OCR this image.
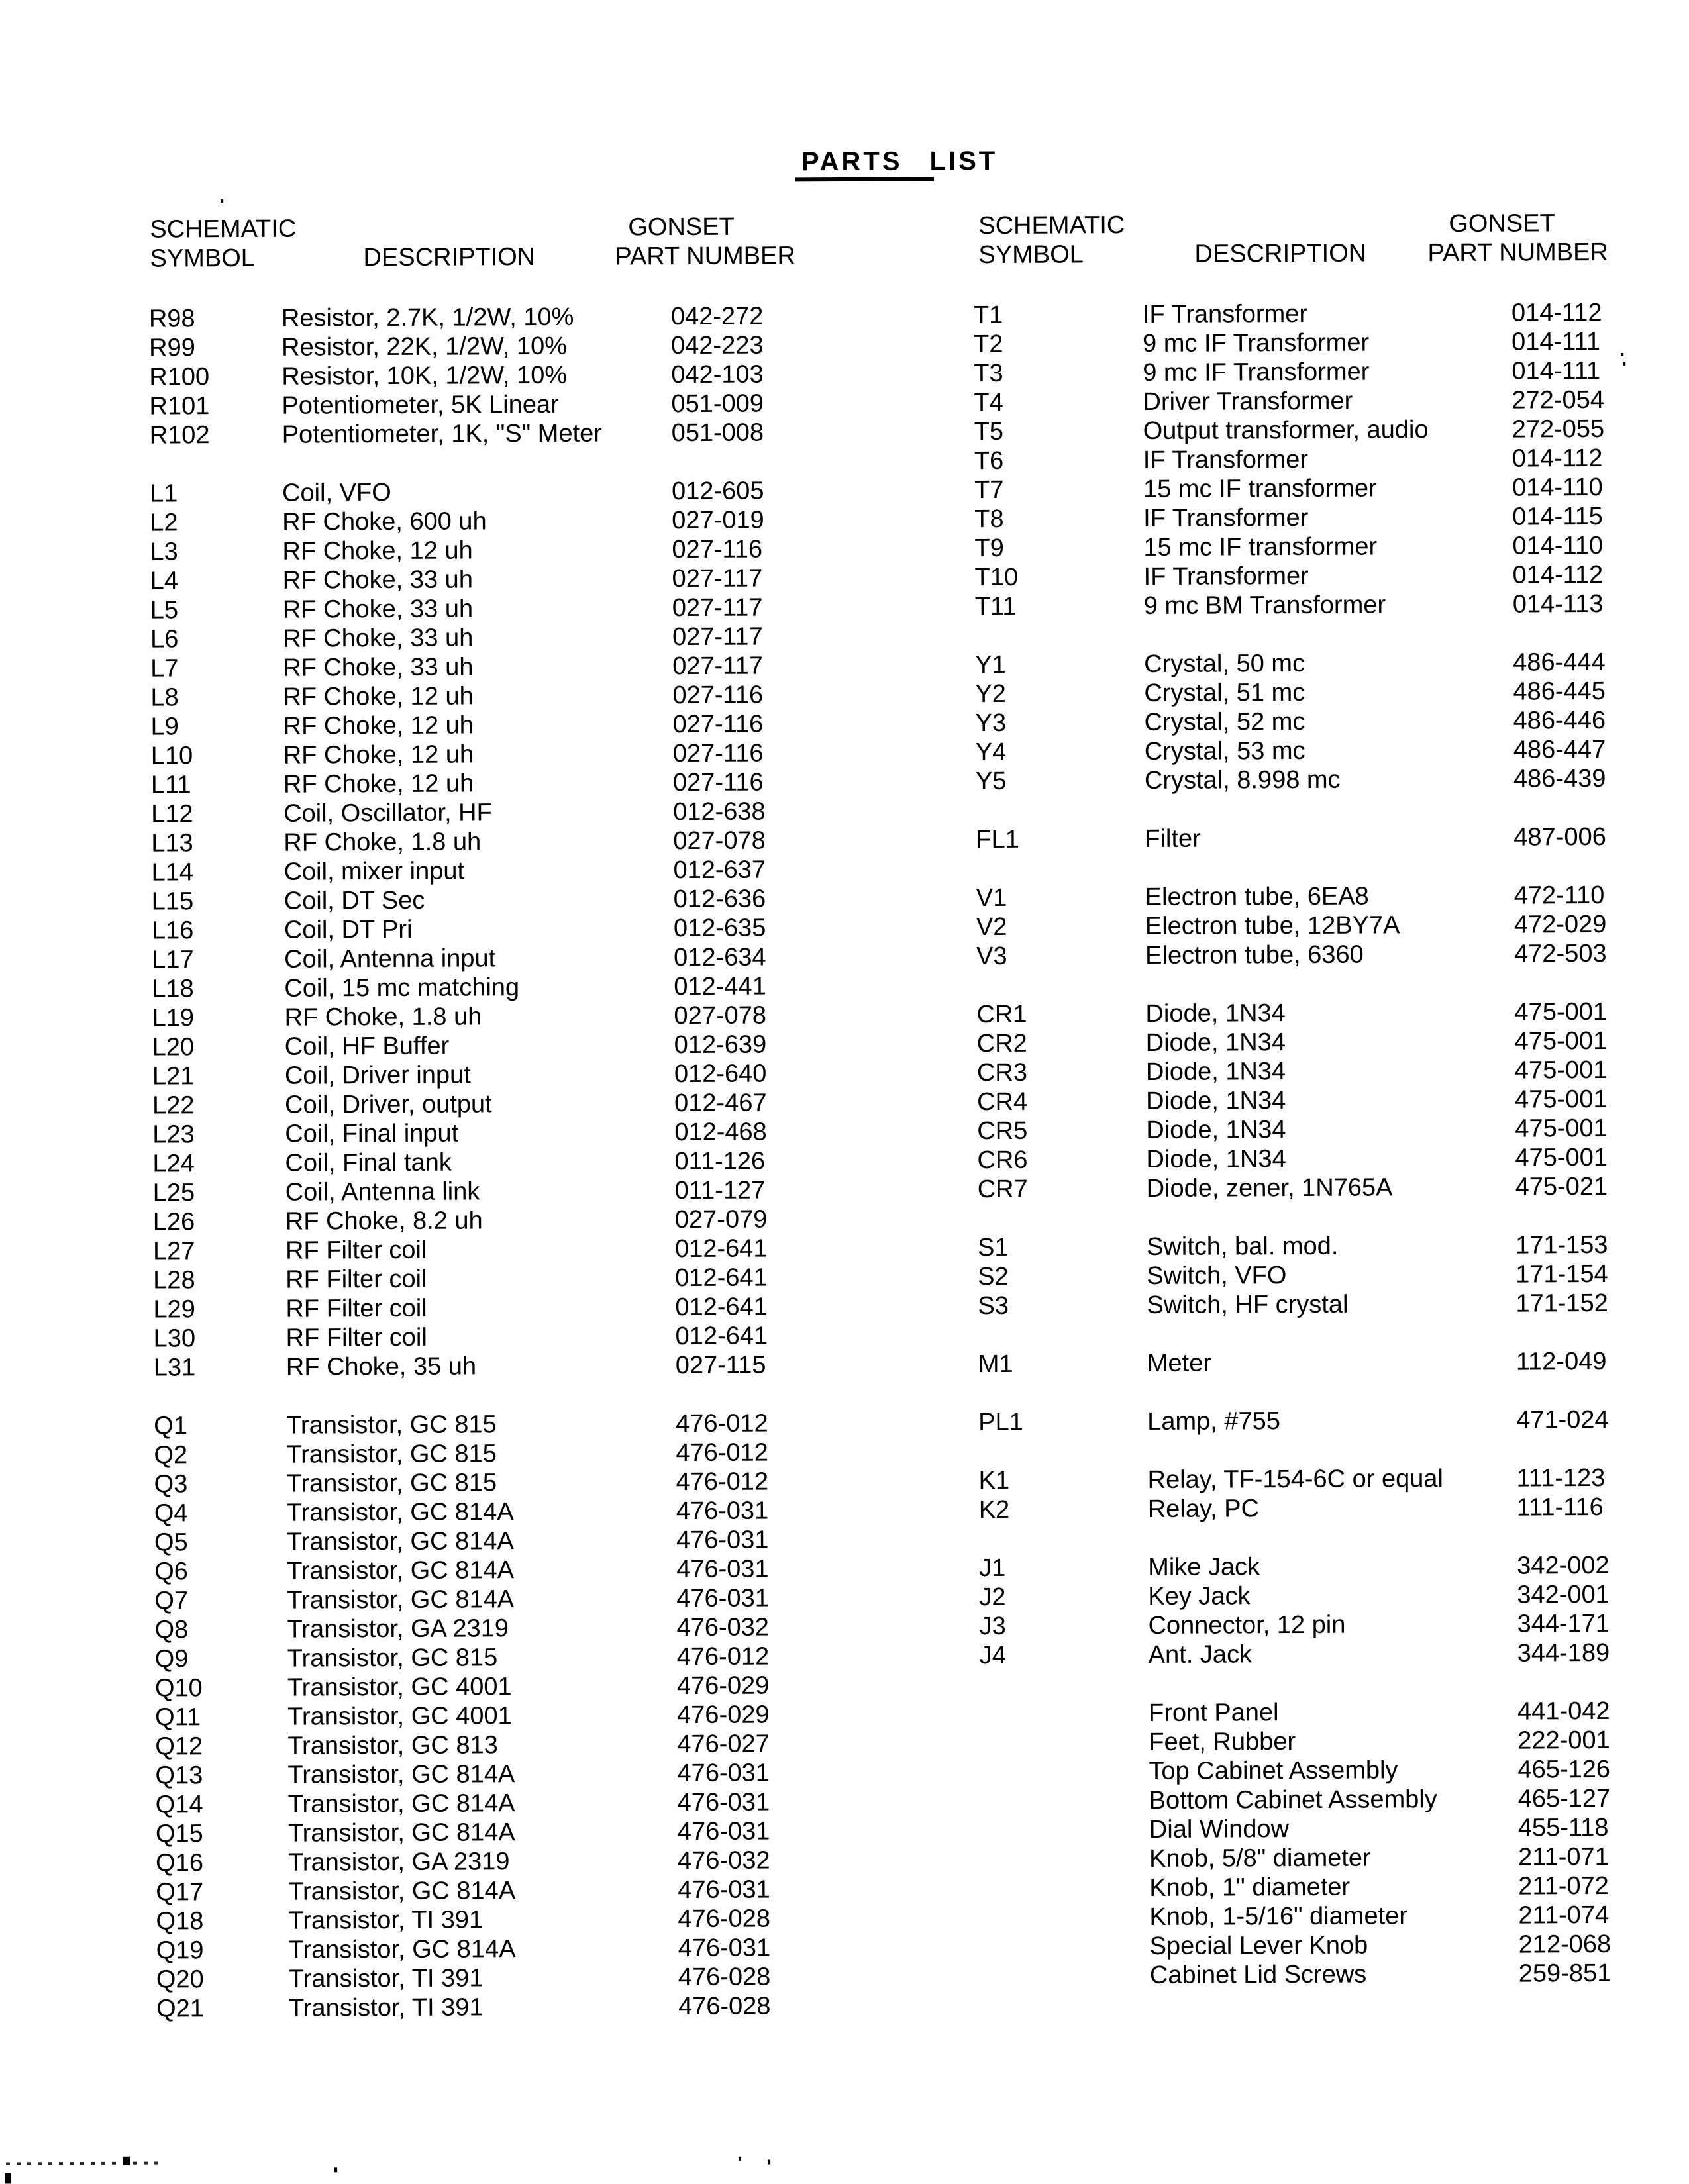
PARTS LIST
SCHEMATIC	GONSET
SYMBOL	DESCRIPTION	PART NUMBER
R98	Resistor, 2.7K, 1/2W, 10%	042-272
R99	Resistor, 22K, 1/2W, 10%	042-223
R100	Resistor, 10K, 1/2W, 10%	042-103
R101	Potentiometer, 5K Linear	051-009
R102	Potentiometer, 1K, "S" Meter	051-008
L1	Coil, VFO	012-605
L2	RF Choke, 600 uh	027-019
L3	RF Choke, 12 uh	027-116
L4	RF Choke, 33 uh	027-117
L5	RF Choke, 33 uh	027-117
L6	RF Choke, 33 uh	027-117
L7	RF Choke, 33 uh	027-117
L8	RF Choke, 12 uh	027-116
L9	RF Choke, 12 uh	027-116
L10	RF Choke, 12 uh	027-116
L11	RF Choke, 12 uh	027-116
L12	Coil, Oscillator, HF	012-638
L13	RF Choke, 1.8 uh	027-078
L14	Coil, mixer input	012-637
L15	Coil, DT Sec	012-636
L16	Coil, DT Pri	012-635
L17	Coil, Antenna input	012-634
L18	Coil, 15 mc matching	012-441
L19	RF Choke, 1.8 uh	027-078
L20	Coil, HF Buffer	012-639
L21	Coil, Driver input	012-640
L22	Coil, Driver, output	012-467
L23	Coil, Final input	012-468
L24	Coil, Final tank	011-126
L25	Coil, Antenna link	011-127
L26	RF Choke, 8.2 uh	027-079
L27	RF Filter coil	012-641
L28	RF Filter coil	012-641
L29	RF Filter coil	012-641
L30	RF Filter coil	012-641
L31	RF Choke, 35 uh	027-115
Q1	Transistor, GC 815	476-012
Q2	Transistor, GC 815	476-012
Q3	Transistor, GC 815	476-012
Q4	Transistor, GC 814A	476-031
Q5	Transistor, GC 814A	476-031
Q6	Transistor, GC 814A	476-031
Q7	Transistor, GC 814A	476-031
Q8	Transistor, GA 2319	476-032
Q9	Transistor, GC 815	476-012
Q10	Transistor, GC 4001	476-029
Q11	Transistor, GC 4001	476-029
Q12	Transistor, GC 813	476-027
Q13	Transistor, GC 814A	476-031
Q14	Transistor, GC 814A	476-031
Q15	Transistor, GC 814A	476-031
Q16	Transistor, GA 2319	476-032
Q17	Transistor, GC 814A	476-031
Q18	Transistor, TI 391	476-028
Q19	Transistor, GC 814A	476-031
Q20	Transistor, TI 391	476-028
Q21	Transistor, TI 391	476-028
SCHEMATIC	GONSET
SYMBOL	DESCRIPTION PART NUMBER
T1	IF Transformer	014-112
T2	9 mc IF Transformer	014-111
T3	9 mc IF Transformer	014-111
T4	Driver Transformer	272-054
T5	Output transformer, audio	272-055
T6	IF Transformer	014-112
T7	15 mc IF transformer	014-110
T8	IF Transformer	014-115
T9	15 mc IF transformer	014-110
T10	IF Transformer	014-112
T11	9 mc BM Transformer	014-113
Y1	Crystal, 50 mc	486-444
Y2	Crystal, 51 mc	486-445
Y3	Crystal, 52 mc	486-446
Y4	Crystal, 53 mc	486-447
Y5	Crystal, 8.998 mc	486-439
FL1	Filter	487-006
V1	Electron tube, 6EA8	472-110
V2	Electron tube, 12BY7A	472-029
V3	Electron tube, 6360	472-503
CR1	Diode, 1N34	475-001
CR2	Diode, 1N34	475-001
CR3	Diode, 1N34	475-001
CR4	Diode, 1N34	475-001
CR5	Diode, 1N34	475-001
CR6	Diode, 1N34	475-001
CR7	Diode, zener, 1N765A	475-021
S1	Switch, bal. mod.	171-153
S2	Switch, VFO	171-154
S3	Switch, HF crystal	171-152
M1	Meter	112-049
PL1	Lamp, #755	471-024
K1	Relay, TF-154-6C or equal	111-123
K2	Relay, PC	111-116
J1	Mike Jack	342-002
J2	Key Jack	342-001
J3	Connector, 12 pin	344-171
J4	Ant. Jack	344-189
Front Panel	441-042
Feet, Rubber	222-001
Top Cabinet Assembly	465-126
Bottom Cabinet Assembly	465-127
Dial Window	455-118
Knob, 5/8" diameter	211-071
Knob, 1" diameter	211-072
Knob, 1-5/16" diameter	211-074
Special Lever Knob	212-068
Cabinet Lid Screws	259-851
